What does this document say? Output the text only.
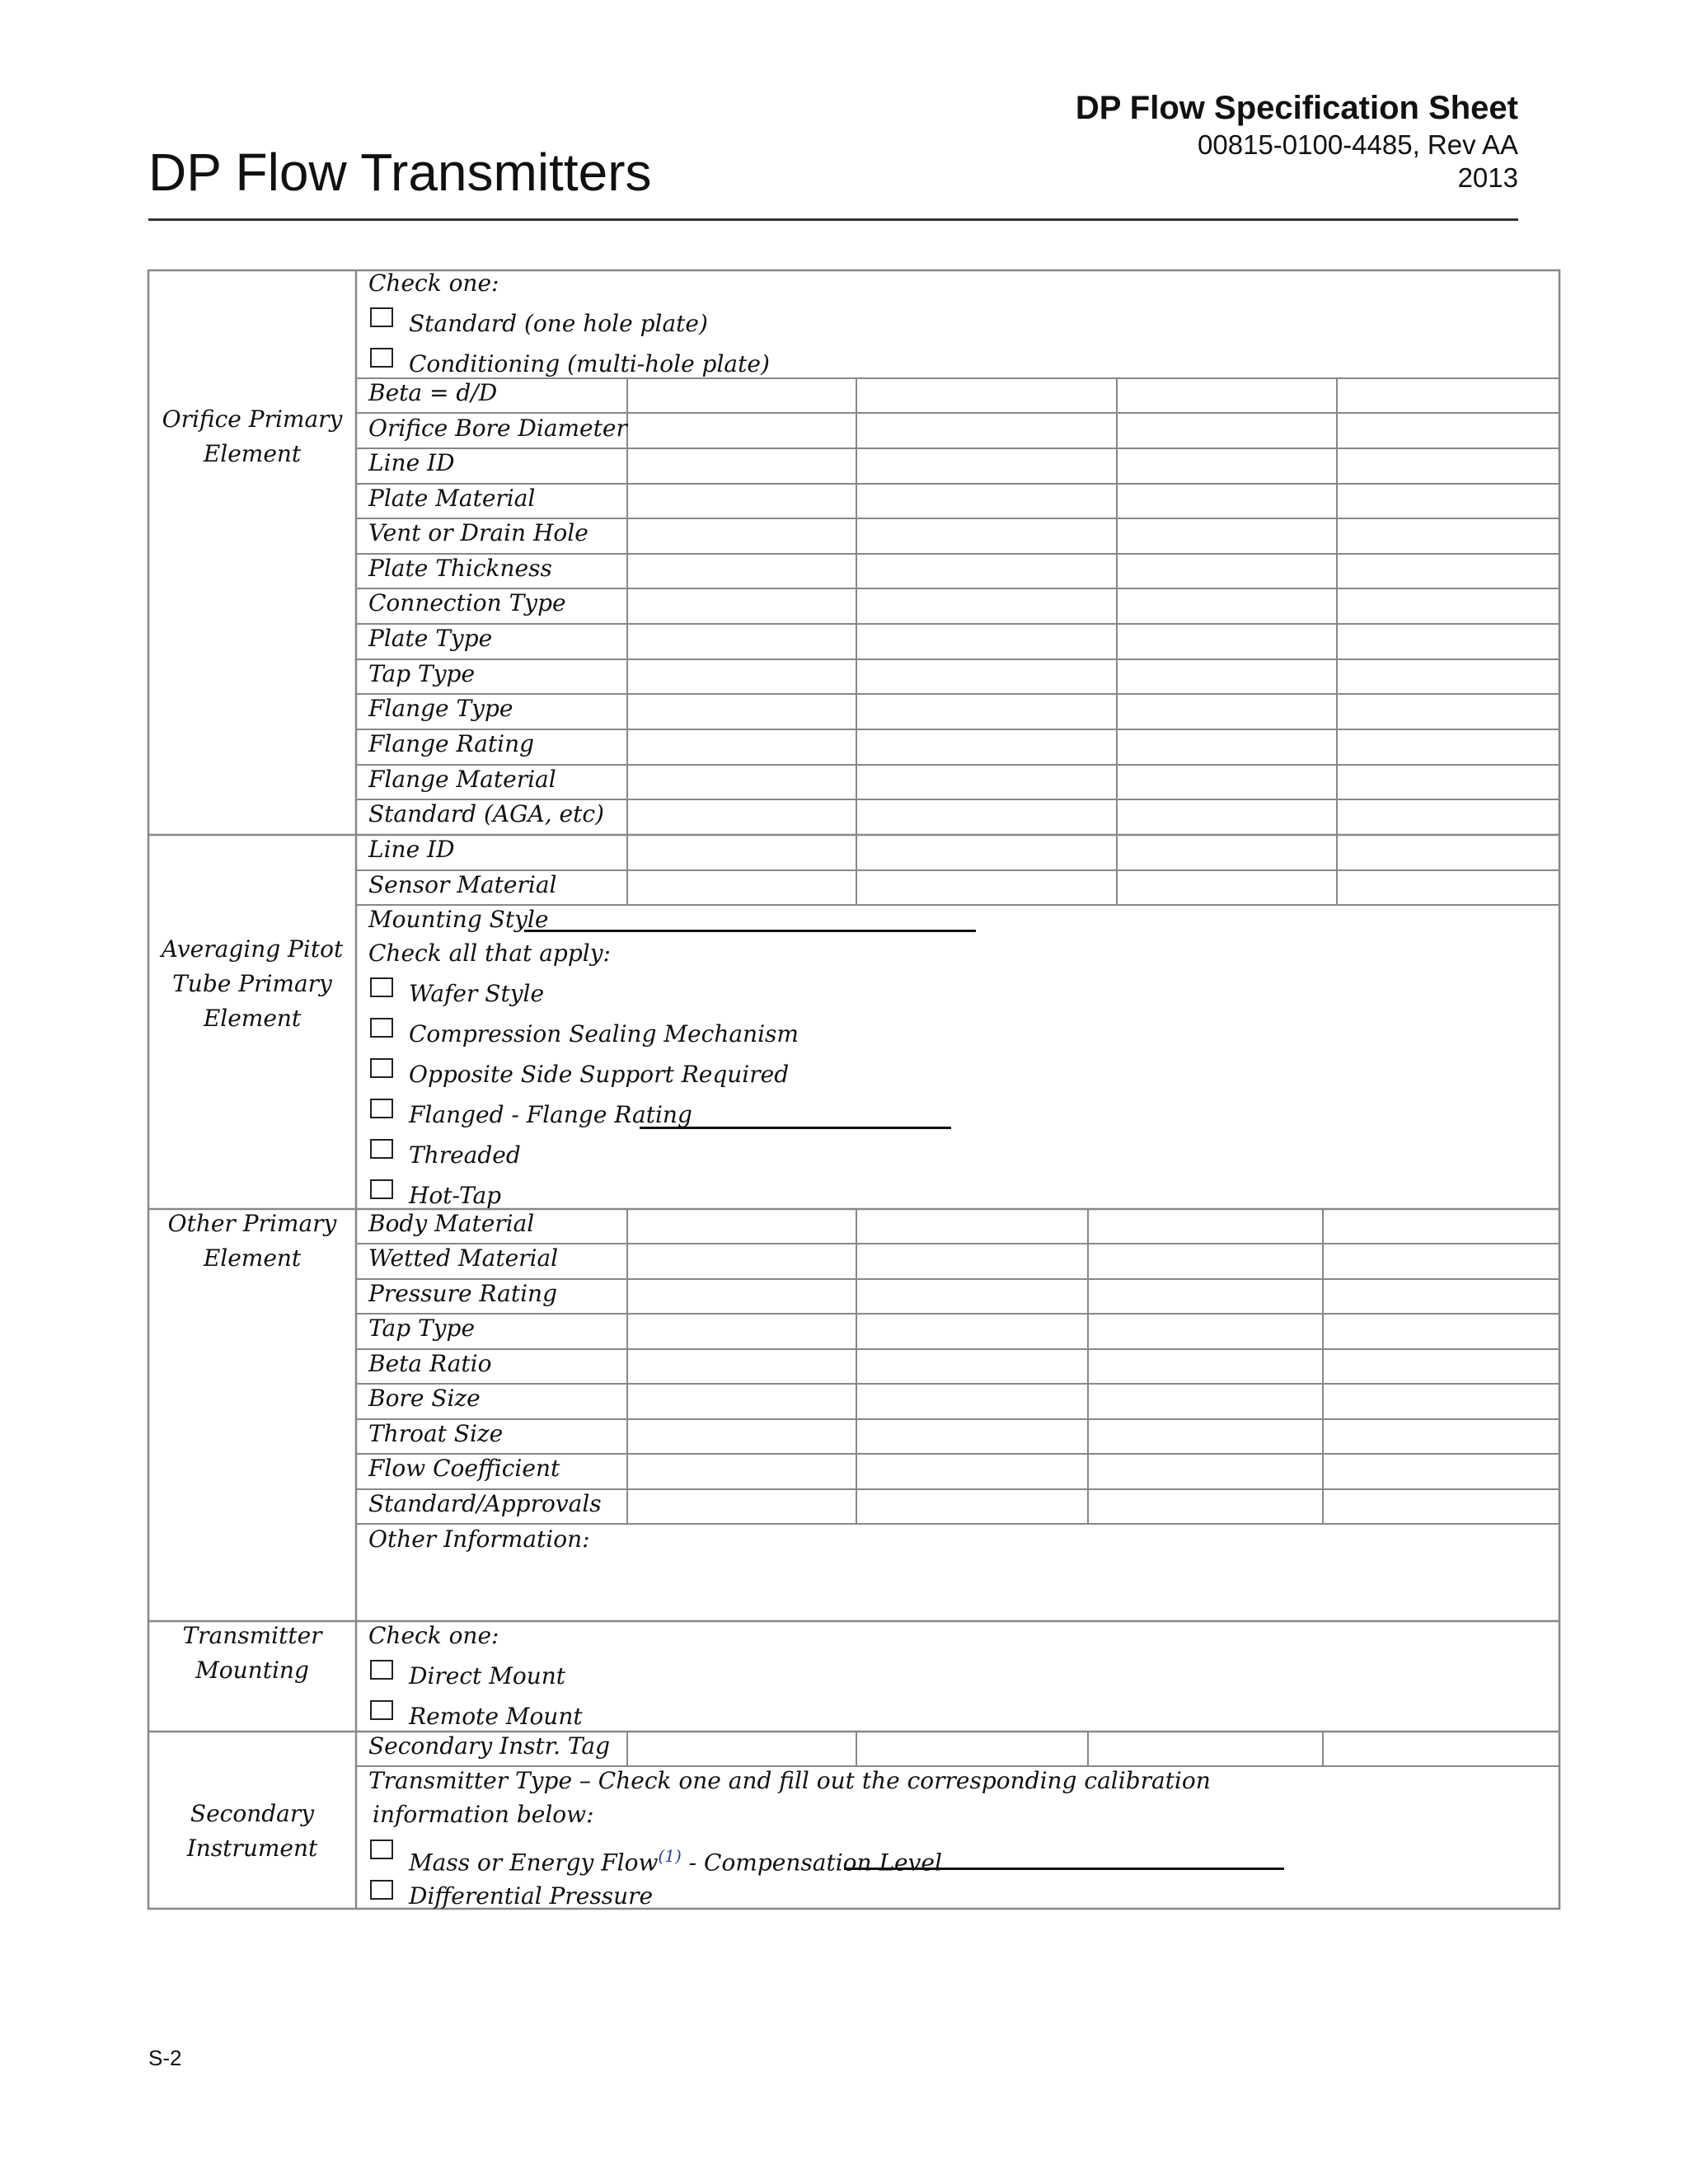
DP Flow Transmitters
DP Flow Specification Sheet
00815-0100-4485, Rev AA
2013
Orifice Primary Element
Check one:
Standard (one hole plate)
Conditioning (multi-hole plate)
Beta = d/D
Orifice Bore Diameter
Line ID
Plate Material
Vent or Drain Hole
Plate Thickness
Connection Type
Plate Type
Tap Type
Flange Type
Flange Rating
Flange Material
Standard (AGA, etc)
Averaging Pitot Tube Primary Element
Line ID
Sensor Material
Mounting Style
Check all that apply:
Wafer Style
Compression Sealing Mechanism
Opposite Side Support Required
Flanged - Flange Rating
Threaded
Hot-Tap
Other Primary Element
Body Material
Wetted Material
Pressure Rating
Tap Type
Beta Ratio
Bore Size
Throat Size
Flow Coefficient
Standard/Approvals
Other Information:
Transmitter Mounting
Check one:
Direct Mount
Remote Mount
Secondary Instrument
Secondary Instr. Tag
Transmitter Type – Check one and fill out the corresponding calibration
information below:
Mass or Energy Flow$^{(1)}$ - Compensation Level
Differential Pressure
S-2
